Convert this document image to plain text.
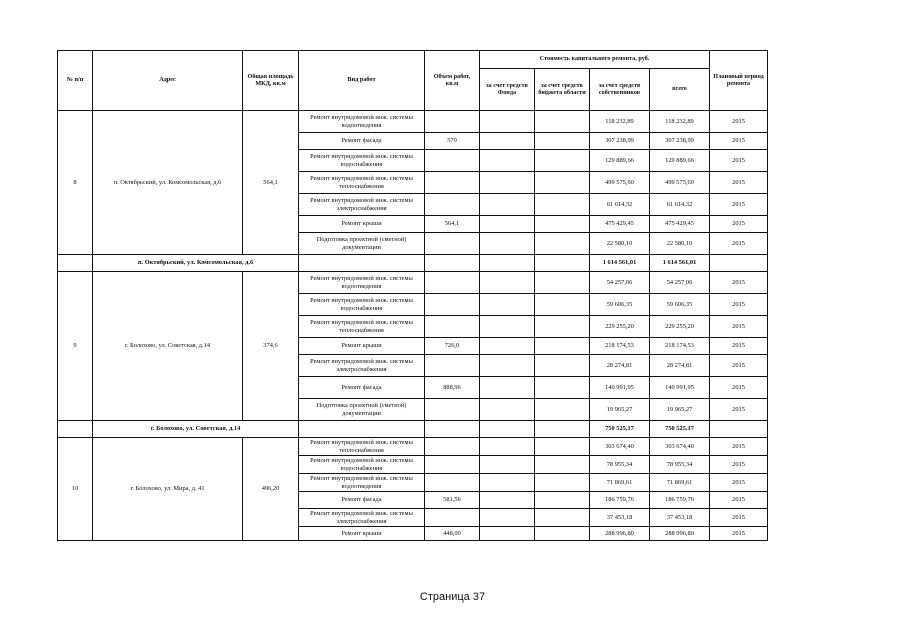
№ п/п	Адрес	Общая площадь МКД, кв.м	Вид работ	Объем работ, кв.м	Стоимость капитального ремонта, руб.				Плановый период ремонта
					за счет средств Фонда	за счет средств бюджета области	за счет средств собственников	всего	
8	п. Октябрьский, ул. Комсомольская, д.6	564,1	Ремонт внутридомовой инж. системы водоотведения				118 232,89	118 232,89	2015
			Ремонт фасада	570			307 238,99	307 238,99	2015
			Ремонт внутридомовой инж. системы водоснабжения				129 889,66	129 889,66	2015
			Ремонт внутридомовой инж. системы теплоснабжения				499 575,60	499 575,60	2015
			Ремонт внутридомовой инж. системы электроснабжения				61 614,32	61 614,32	2015
			Ремонт крыши	564,1			475 429,45	475 429,45	2015
			Подготовка проектной (сметной) документации				22 580,10	22 580,10	2015
	п. Октябрьский, ул. Комсомольская, д.6						1 614 561,01	1 614 561,01	
9	г. Болохово, ул. Советская, д.14	374,6	Ремонт внутридомовой инж. системы водоотведения				54 257,06	54 257,06	2015
			Ремонт внутридомовой инж. системы водоснабжения				59 606,35	59 606,35	2015
			Ремонт внутридомовой инж. системы теплоснабжения				229 255,20	229 255,20	2015
			Ремонт крыши	726,0			218 174,53	218 174,53	2015
			Ремонт внутридомовой инж. системы электроснабжения				28 274,81	28 274,81	2015
			Ремонт фасада	888,96			140 991,95	140 991,95	2015
			Подготовка проектной (сметной) документации				19 965,27	19 965,27	2015
	г. Болохово, ул. Советская, д.14						750 525,17	750 525,17	
10	г. Болохово, ул. Мира, д. 41	496,20	Ремонт внутридомовой инж. системы теплоснабжения				303 674,40	303 674,40	2015
			Ремонт внутридомовой инж. системы водоснабжения				78 955,34	78 955,34	2015
			Ремонт внутридомовой инж. системы водоотведения				71 869,61	71 869,61	2015
			Ремонт фасада	581,56			186 759,76	186 759,76	2015
			Ремонт внутридомовой инж. системы электроснабжения				37 453,18	37 453,18	2015
			Ремонт крыши	448,00			288 996,80	288 996,80	2015
Страница 37
